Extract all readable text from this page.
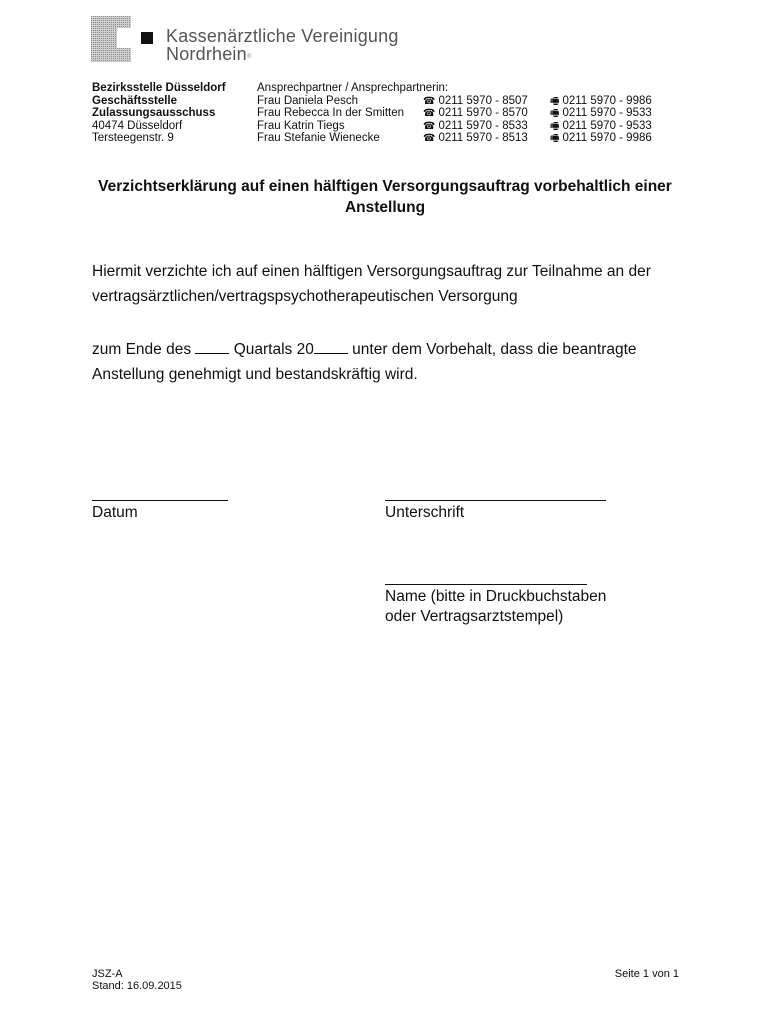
Kassenärztliche Vereinigung
Nordrhein ®
Bezirksstelle Düsseldorf
Geschäftsstelle
Zulassungsausschuss
40474 Düsseldorf
Tersteegenstr. 9
Ansprechpartner / Ansprechpartnerin:
Frau Daniela Pesch	☎ 0211 5970 - 8507 🖷 0211 5970 - 9986
Frau Rebecca In der Smitten ☎ 0211 5970 - 8570 🖷 0211 5970 - 9533
Frau Katrin Tiegs	☎ 0211 5970 - 8533 🖷 0211 5970 - 9533
Frau Stefanie Wienecke	☎ 0211 5970 - 8513 🖷 0211 5970 - 9986
Verzichtserklärung auf einen hälftigen Versorgungsauftrag vorbehaltlich einer
Anstellung
Hiermit verzichte ich auf einen hälftigen Versorgungsauftrag zur Teilnahme an der
vertragsärztlichen/vertragspsychotherapeutischen Versorgung
zum Ende des	Quartals 20 unter dem Vorbehalt, dass die beantragte
Anstellung genehmigt und bestandskräftig wird.
Datum	Unterschrift
Name (bitte in Druckbuchstaben
oder Vertragsarztstempel)
JSZ-A
Stand: 16.09.2015
Seite 1 von 1
